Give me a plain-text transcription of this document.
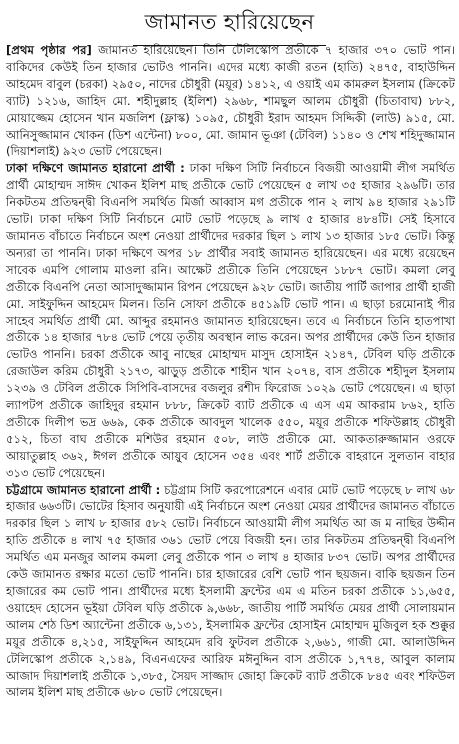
জামানত হারিয়েছেন

[প্রথম পৃষ্ঠার পর] জামানত হারিয়েছেন। তিনি টেলিস্কোপ প্রতীকে ৭ হাজার ৩৭০ ভোট পান। বাকিদের কেউই তিন হাজার ভোটও পাননি। এদের মধ্যে কাজী রতন (হাতি) ২৪৭৫, বাহাউদ্দিন আহমেদ বাবুল (চরকা) ২৯৫০, নাদের চৌধুরী (ময়ূর) ১৪১২, এ ওয়াই এম কামরুল ইসলাম (ক্রিকেট ব্যাট) ১২১৬, জাহিদ মো. শহীদুল্লাহ (ইলিশ) ২৯৬৮, শামছুল আলম চৌধুরী (চিতাবাঘ) ৮৮২, মোয়াজ্জেম হোসেন খান মজলিশ (ফ্লাস্ক) ১০৯৫, চৌধুরী ইরাদ আহমদ সিদ্দিকী (লাউ) ৯১৫, মো. আনিসুজ্জামান খোকন (ডিশ এন্টেনা) ৮০০, মো. জামান ভূঞা (টেবিল) ১১৪০ ও শেখ শহিদুজ্জামান (দিয়াশলাই) ৯২৩ ভোট পেয়েছেন।

ঢাকা দক্ষিণে জামানত হারানো প্রার্থী : ঢাকা দক্ষিণ সিটি নির্বাচনে বিজয়ী আওয়ামী লীগ সমর্থিত প্রার্থী মোহাম্মদ সাঈদ খোকন ইলিশ মাছ প্রতীকে ভোট পেয়েছেন ৫ লাখ ৩৫ হাজার ২৯৬টি। তার নিকটতম প্রতিদ্বন্দ্বী বিএনপি সমর্থিত মির্জা আব্বাস মগ প্রতীকে পান ২ লাখ ৯৪ হাজার ২৯১টি ভোট। ঢাকা দক্ষিণ সিটি নির্বাচনে মোট ভোট পড়েছে ৯ লাখ ৫ হাজার ৪৮৪টি। সেই হিসাবে জামানত বাঁচাতে নির্বাচনে অংশ নেওয়া প্রার্থীদের দরকার ছিল ১ লাখ ১৩ হাজার ১৮৫ ভোট। কিন্তু অন্যরা তা পাননি। ঢাকা দক্ষিণে অপর ১৮ প্রার্থীর সবাই জামানত হারিয়েছেন। এর মধ্যে রয়েছেন সাবেক এমপি গোলাম মাওলা রনি। আক্ষেট প্রতীকে তিনি পেয়েছেন ১৮৮৭ ভোট। কমলা লেবু প্রতীকে বিএনপি নেতা আসাদুজ্জামান রিপন পেয়েছেন ৯২৮ ভোট। জাতীয় পার্টি জাপার প্রার্থী হাজী মো. সাইফুদ্দিন আহমেদ মিলন। তিনি সোফা প্রতীকে ৪৫১৯টি ভোট পান। এ ছাড়া চরমোনাই পীর সাহেব সমর্থিত প্রার্থী মো. আব্দুর রহমানও জামানত হারিয়েছেন। তবে এ নির্বাচনে তিনি হাতপাখা প্রতীকে ১৪ হাজার ৭৮৪ ভোট পেয়ে তৃতীয় অবস্থান লাভ করেন। অপর প্রার্থীদের কেউ তিন হাজার ভোটও পাননি। চরকা প্রতীকে আবু নাছের মোহাম্মদ মাসুদ হোসাইন ২১৪৭, টেবিল ঘড়ি প্রতীকে রেজাউল করিম চৌধুরী ২১৭৩, ঝাড়ুড় প্রতীকে শাহীন খান ২০৭৪, বাস প্রতীকে শহীদুল ইসলাম ১২৩৯ ও টেবিল প্রতীকে সিপিবি-বাসদের বজলুর রশীদ ফিরোজ ১০২৯ ভোট পেয়েছেন। এ ছাড়া ল্যাপটপ প্রতীকে জাহিদুর রহমান ৮৮৮, ক্রিকেট ব্যাট প্রতীকে এ এস এম আকরাম ৮৬২, হাতি প্রতীকে দিলীপ ভদ্র ৬৬৯, কেক প্রতীকে আবদুল খালেক ৫৫০, ময়ূর প্রতীকে শফিউল্লাহ চৌধুরী ৫১২, চিতা বাঘ প্রতীকে মশিউর রহমান ৫০৮, লাউ প্রতীকে মো. আকতারুজ্জামান ওরফে আয়াতুল্লাহ ৩৬২, ঈগল প্রতীকে আয়ুব হোসেন ৩৫৪ এবং শার্ট প্রতীকে বাহরানে সুলতান বাহার ৩১৩ ভোট পেয়েছেন।

চট্টগ্রামে জামানত হারানো প্রার্থী : চট্টগ্রাম সিটি করপোরেশনে এবার মোট ভোট পড়েছে ৮ লাখ ৬৮ হাজার ৬৬৩টি। ভোটের হিসাব অনুযায়ী এই নির্বাচনে অংশ নেওয়া মেয়র প্রার্থীদের জামানত বাঁচাতে দরকার ছিল ১ লাখ ৮ হাজার ৫৮২ ভোট। নির্বাচনে আওয়ামী লীগ সমর্থিত আ জ ম নাছির উদ্দীন হাতি প্রতীকে ৪ লাখ ৭৫ হাজার ৩৬১ ভোট পেয়ে বিজয়ী হন। তার নিকটতম প্রতিদ্বন্দ্বী বিএনপি সমর্থিত এম মনজুর আলম কমলা লেবু প্রতীকে পান ৩ লাখ ৪ হাজার ৮৩৭ ভোট। অপর প্রার্থীদের কেউ জামানত রক্ষার মতো ভোট পাননি। চার হাজারের বেশি ভোট পান ছয়জন। বাকি ছয়জন তিন হাজারের কম ভোট পান। প্রার্থীদের মধ্যে ইসলামী ফ্রন্টের এম এ মতিন চরকা প্রতীকে ১১,৬৫৫, ওয়াহেদ হোসেন ভূইয়া টেবিল ঘড়ি প্রতীকে ৯,৬৬৮, জাতীয় পার্টি সমর্থিত মেয়র প্রার্থী সোলায়মান আলম শেঠ ডিশ অ্যান্টেনা প্রতীকে ৬,১৩১, ইসলামিক ফ্রন্টের হোসাইন মোহাম্মদ মুজিবুল হক শুক্কুর ময়ূর প্রতীকে ৪,২১৫, সাইফুদ্দিন আহমেদ রবি ফুটবল প্রতীকে ২,৬৬১, গাজী মো. আলাউদ্দিন টেলিস্কোপ প্রতীকে ২,১৪৯, বিএনএফের আরিফ মঈনুদ্দিন বাস প্রতীকে ১,৭৭৪, আবুল কালাম আজাদ দিয়াশলাই প্রতীকে ১,৩৮৫, সৈয়দ সাজ্জাদ জোহা ক্রিকেট ব্যাট প্রতীকে ৮৪৫ এবং শফিউল আলম ইলিশ মাছ প্রতীকে ৬৮০ ভোট পেয়েছেন।
